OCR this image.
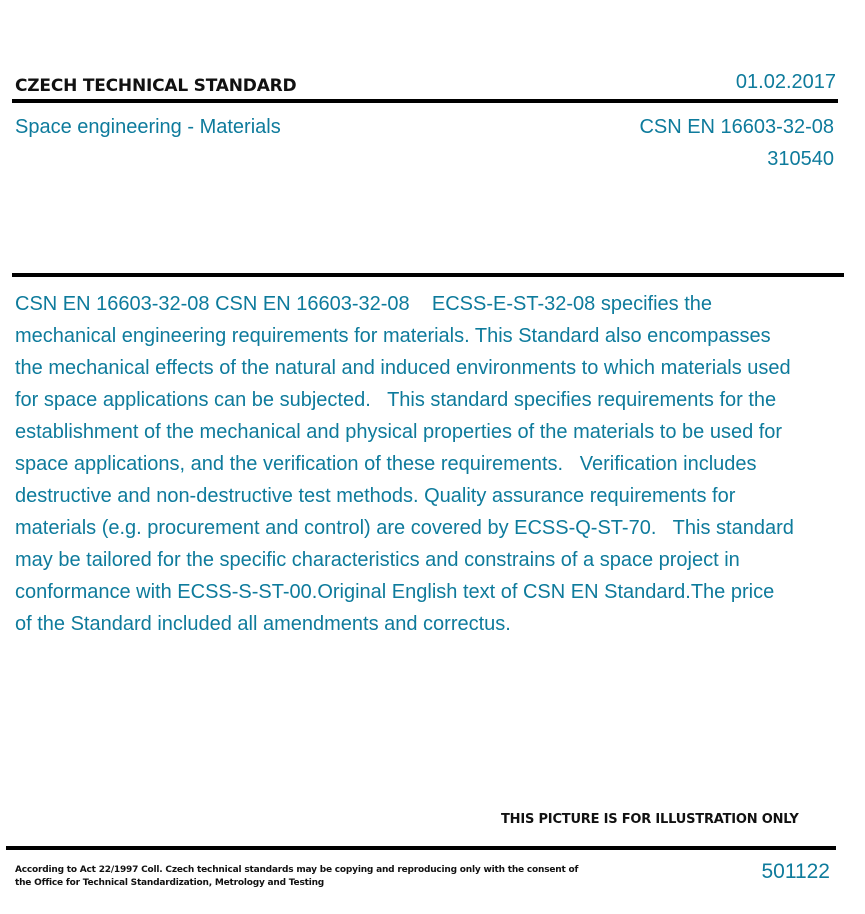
CZECH TECHNICAL STANDARD	01.02.2017
Space engineering - Materials	CSN EN 16603-32-08
310540

CSN EN 16603-32-08 CSN EN 16603-32-08    ECSS-E-ST-32-08 specifies the mechanical engineering requirements for materials. This Standard also encompasses the mechanical effects of the natural and induced environments to which materials used for space applications can be subjected.   This standard specifies requirements for the establishment of the mechanical and physical properties of the materials to be used for space applications, and the verification of these requirements.   Verification includes destructive and non-destructive test methods. Quality assurance requirements for materials (e.g. procurement and control) are covered by ECSS-Q-ST-70.   This standard may be tailored for the specific characteristics and constrains of a space project in conformance with ECSS-S-ST-00.Original English text of CSN EN Standard.The price of the Standard included all amendments and correctus.

THIS PICTURE IS FOR ILLUSTRATION ONLY
According to Act 22/1997 Coll. Czech technical standards may be copying and reproducing only with the consent of the Office for Technical Standardization, Metrology and Testing	501122
